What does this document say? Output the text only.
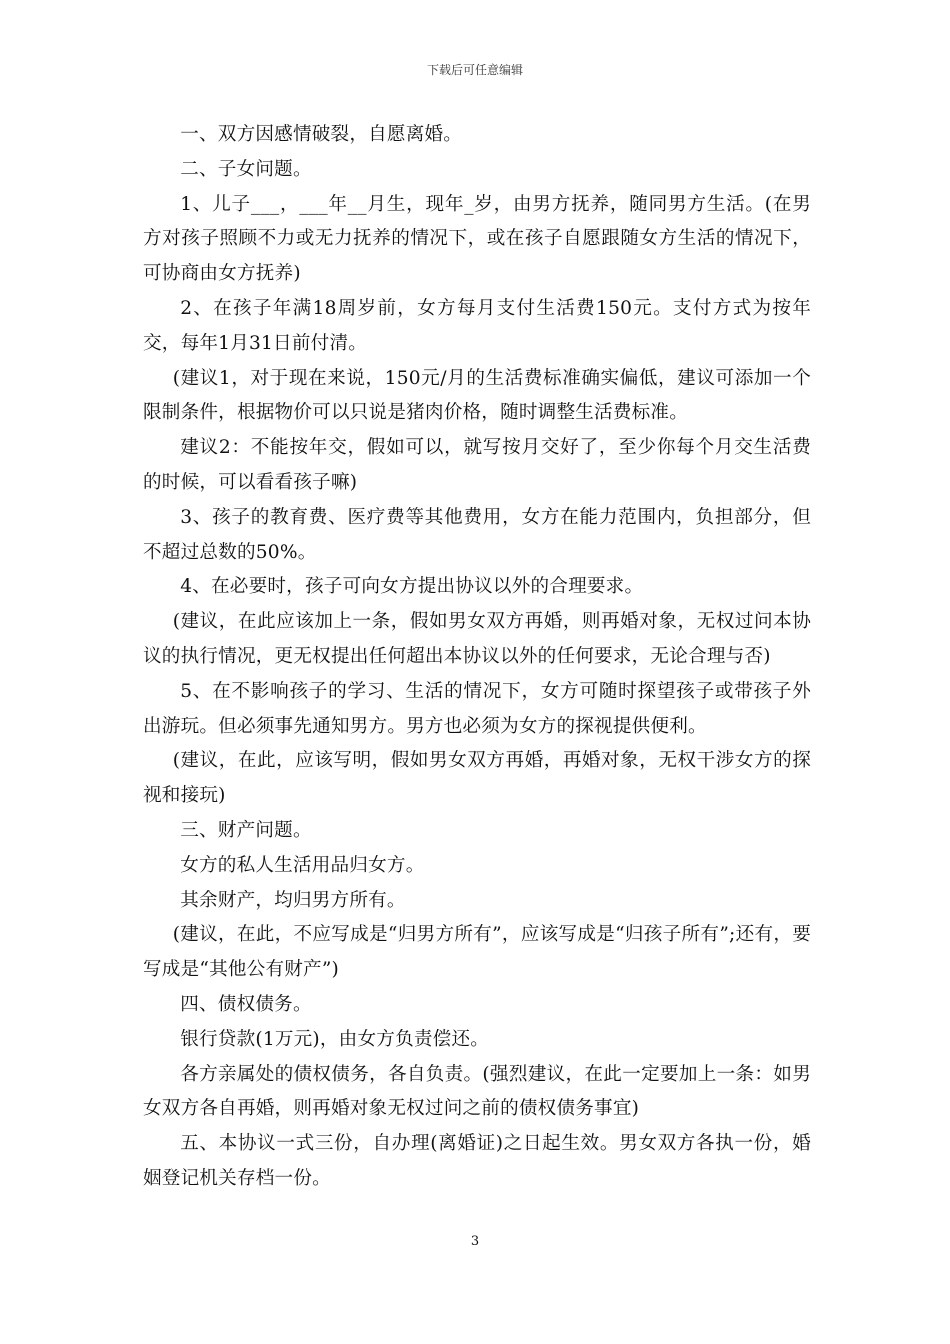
下载后可任意编辑

一、双方因感情破裂，自愿离婚。

二、子女问题。

1、儿子___，___年__月生，现年_岁，由男方抚养，随同男方生活。(在男方对孩子照顾不力或无力抚养的情况下，或在孩子自愿跟随女方生活的情况下，可协商由女方抚养)

2、在孩子年满18周岁前，女方每月支付生活费150元。支付方式为按年交，每年1月31日前付清。

(建议1，对于现在来说，150元/月的生活费标准确实偏低，建议可添加一个限制条件，根据物价可以只说是猪肉价格，随时调整生活费标准。

建议2：不能按年交，假如可以，就写按月交好了，至少你每个月交生活费的时候，可以看看孩子嘛)

3、孩子的教育费、医疗费等其他费用，女方在能力范围内，负担部分，但不超过总数的50%。

4、在必要时，孩子可向女方提出协议以外的合理要求。

(建议，在此应该加上一条，假如男女双方再婚，则再婚对象，无权过问本协议的执行情况，更无权提出任何超出本协议以外的任何要求，无论合理与否)

5、在不影响孩子的学习、生活的情况下，女方可随时探望孩子或带孩子外出游玩。但必须事先通知男方。男方也必须为女方的探视提供便利。

(建议，在此，应该写明，假如男女双方再婚，再婚对象，无权干涉女方的探视和接玩)

三、财产问题。

女方的私人生活用品归女方。

其余财产，均归男方所有。

(建议，在此，不应写成是“归男方所有”，应该写成是“归孩子所有”;还有，要写成是“其他公有财产”)

四、债权债务。

银行贷款(1万元)，由女方负责偿还。

各方亲属处的债权债务，各自负责。(强烈建议，在此一定要加上一条：如男女双方各自再婚，则再婚对象无权过问之前的债权债务事宜)

五、本协议一式三份，自办理(离婚证)之日起生效。男女双方各执一份，婚姻登记机关存档一份。

3
